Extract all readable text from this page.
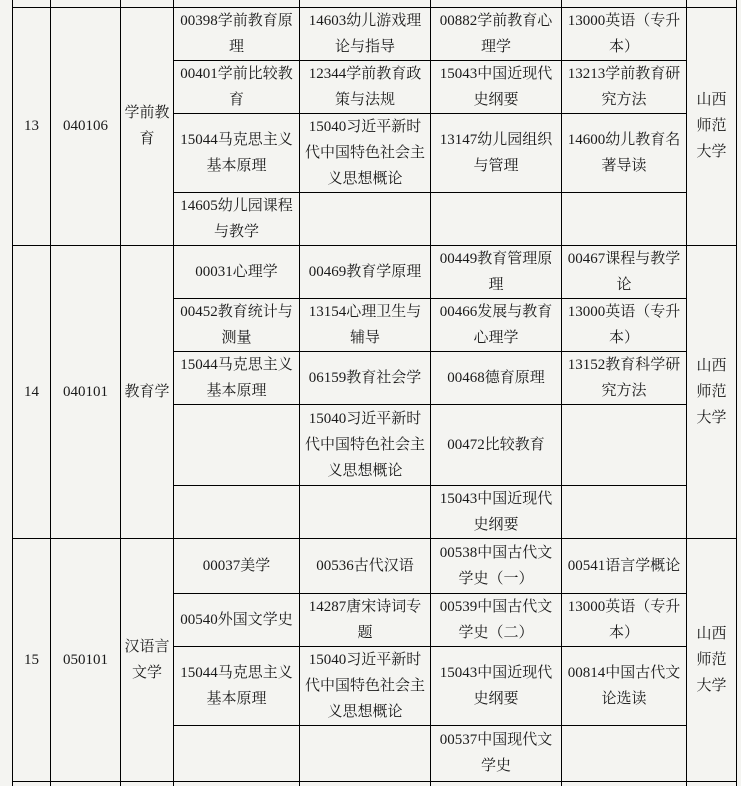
13	040106	学前教育	00398学前教育原理	14603幼儿游戏理论与指导	00882学前教育心理学	13000英语（专升本）	山西师范大学
			00401学前比较教育	12344学前教育政策与法规	15043中国近现代史纲要	13213学前教育研究方法	
			15044马克思主义基本原理	15040习近平新时代中国特色社会主义思想概论	13147幼儿园组织与管理	14600幼儿教育名著导读	
			14605幼儿园课程与教学				
14	040101	教育学	00031心理学	00469教育学原理	00449教育管理原理	00467课程与教学论	山西师范大学
			00452教育统计与测量	13154心理卫生与辅导	00466发展与教育心理学	13000英语（专升本）	
			15044马克思主义基本原理	06159教育社会学	00468德育原理	13152教育科学研究方法	
				15040习近平新时代中国特色社会主义思想概论	00472比较教育		
					15043中国近现代史纲要		
15	050101	汉语言文学	00037美学	00536古代汉语	00538中国古代文学史（一）	00541语言学概论	山西师范大学
			00540外国文学史	14287唐宋诗词专题	00539中国古代文学史（二）	13000英语（专升本）	
			15044马克思主义基本原理	15040习近平新时代中国特色社会主义思想概论	15043中国近现代史纲要	00814中国古代文论选读	
					00537中国现代文学史		
